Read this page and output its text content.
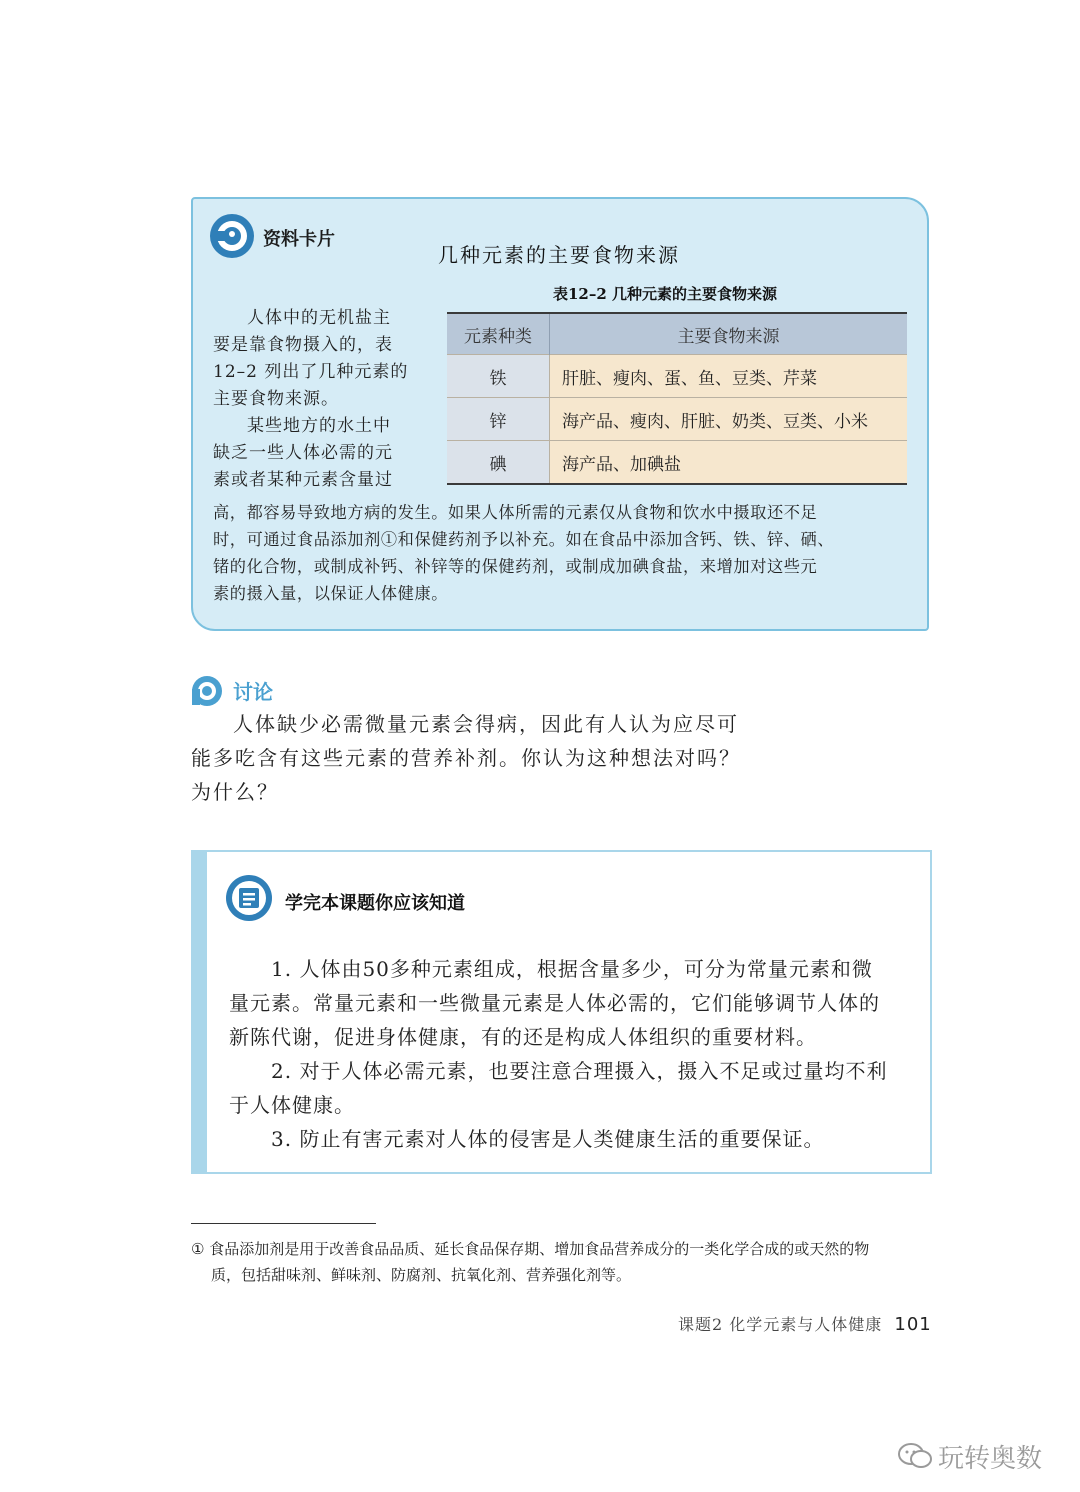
资料卡片
几种元素的主要食物来源
表12–2 几种元素的主要食物来源
元素种类	主要食物来源
铁	肝脏、瘦肉、蛋、鱼、豆类、芹菜
锌	海产品、瘦肉、肝脏、奶类、豆类、小米
碘	海产品、加碘盐

人体中的无机盐主

要是靠食物摄入的，表

12–2 列出了几种元素的

主要食物来源。

某些地方的水土中

缺乏一些人体必需的元

素或者某种元素含量过

高，都容易导致地方病的发生。如果人体所需的元素仅从食物和饮水中摄取还不足

时，可通过食品添加剂①和保健药剂予以补充。如在食品中添加含钙、铁、锌、硒、

锗的化合物，或制成补钙、补锌等的保健药剂，或制成加碘食盐，来增加对这些元

素的摄入量，以保证人体健康。

讨论

人体缺少必需微量元素会得病，因此有人认为应尽可

能多吃含有这些元素的营养补剂。你认为这种想法对吗？

为什么？

学完本课题你应该知道

1. 人体由50多种元素组成，根据含量多少，可分为常量元素和微

量元素。常量元素和一些微量元素是人体必需的，它们能够调节人体的

新陈代谢，促进身体健康，有的还是构成人体组织的重要材料。

2. 对于人体必需元素，也要注意合理摄入，摄入不足或过量均不利

于人体健康。

3. 防止有害元素对人体的侵害是人类健康生活的重要保证。

① 食品添加剂是用于改善食品品质、延长食品保存期、增加食品营养成分的一类化学合成的或天然的物

质，包括甜味剂、鲜味剂、防腐剂、抗氧化剂、营养强化剂等。

课题2 化学元素与人体健康 101
玩转奥数
